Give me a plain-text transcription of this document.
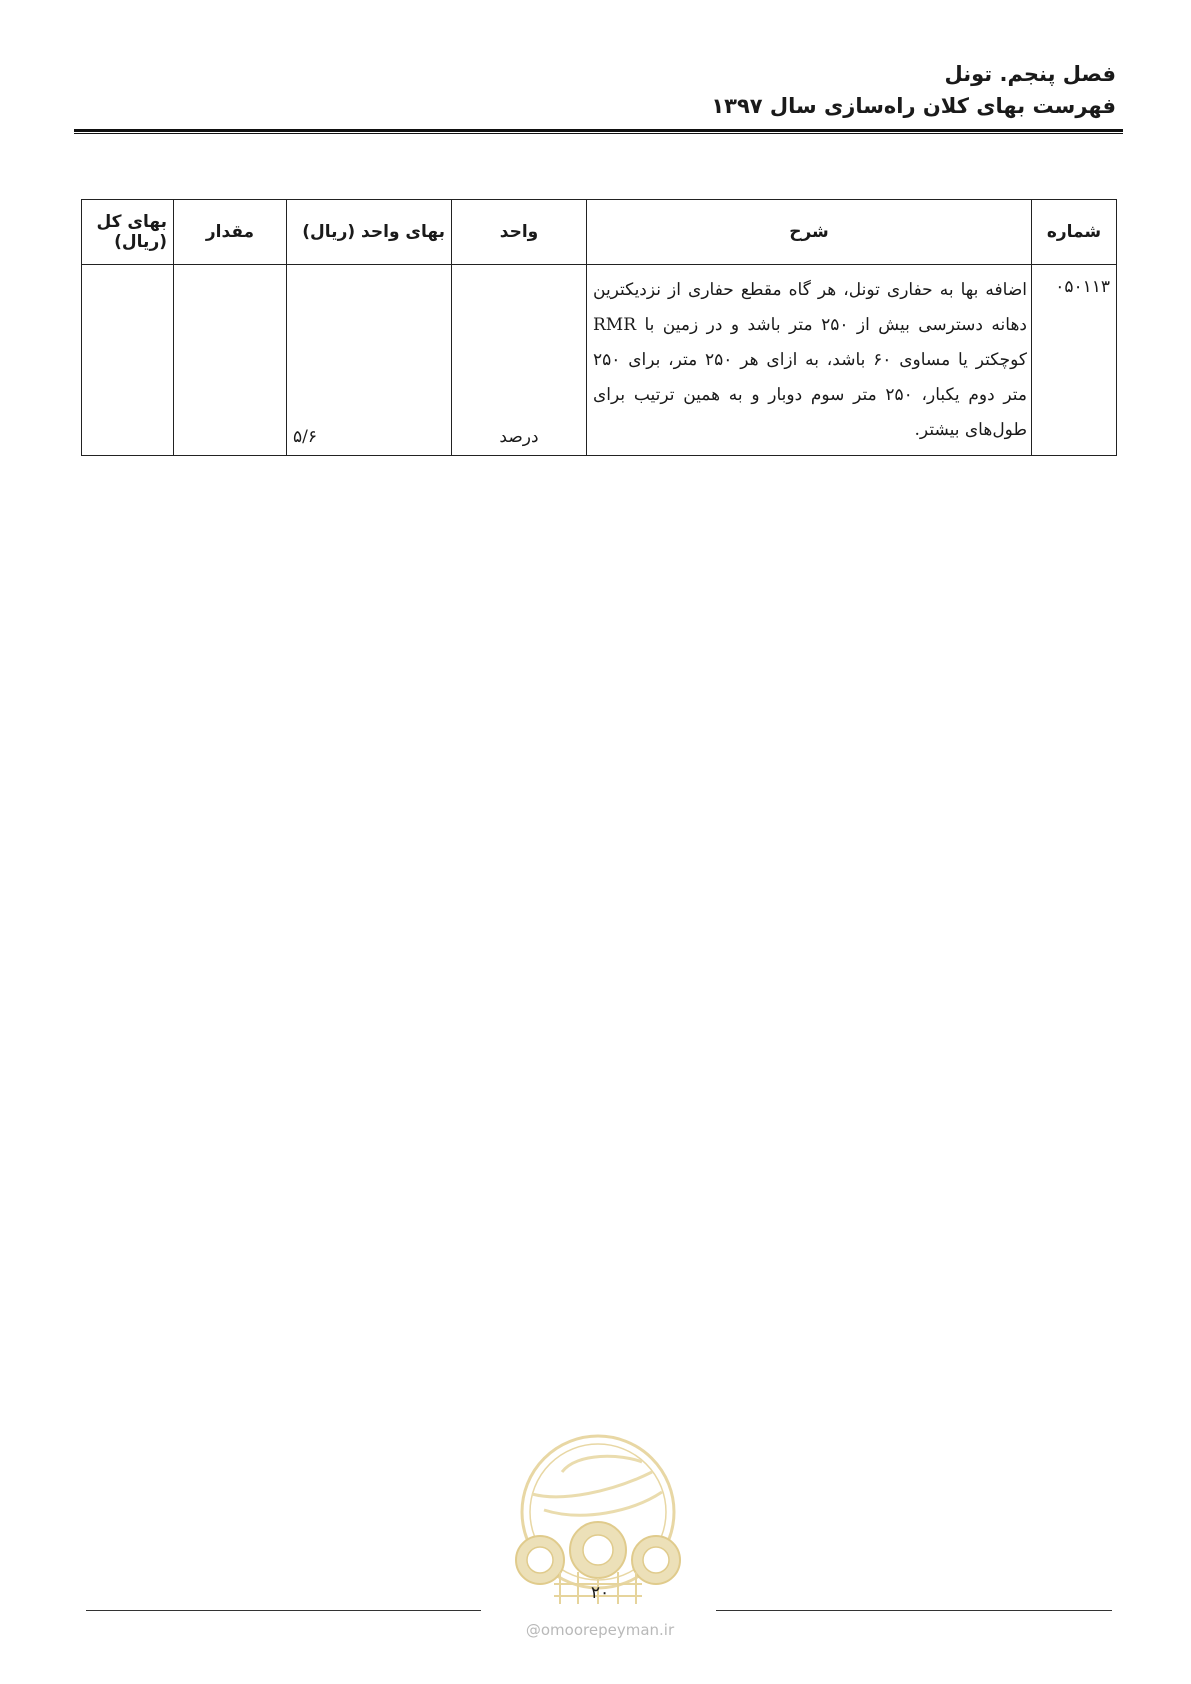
فصل پنجم. تونل
فهرست بهای کلان راه‌سازی سال ۱۳۹۷
شماره	شرح	واحد	بهای واحد (ریال)	مقدار	بهای کل (ریال)
۰۵۰۱۱۳	اضافه بها به حفاری تونل، هر گاه مقطع حفاری از نزدیکترین دهانه دسترسی بیش از ۲۵۰ متر باشد و در زمین با RMR کوچکتر یا مساوی ۶۰ باشد، به ازای هر ۲۵۰ متر، برای ۲۵۰ متر دوم یکبار، ۲۵۰ متر سوم دوبار و به همین ترتیب برای طول‌های بیشتر.	درصد	۵/۶		
۲۰
@omoorepeyman.ir
